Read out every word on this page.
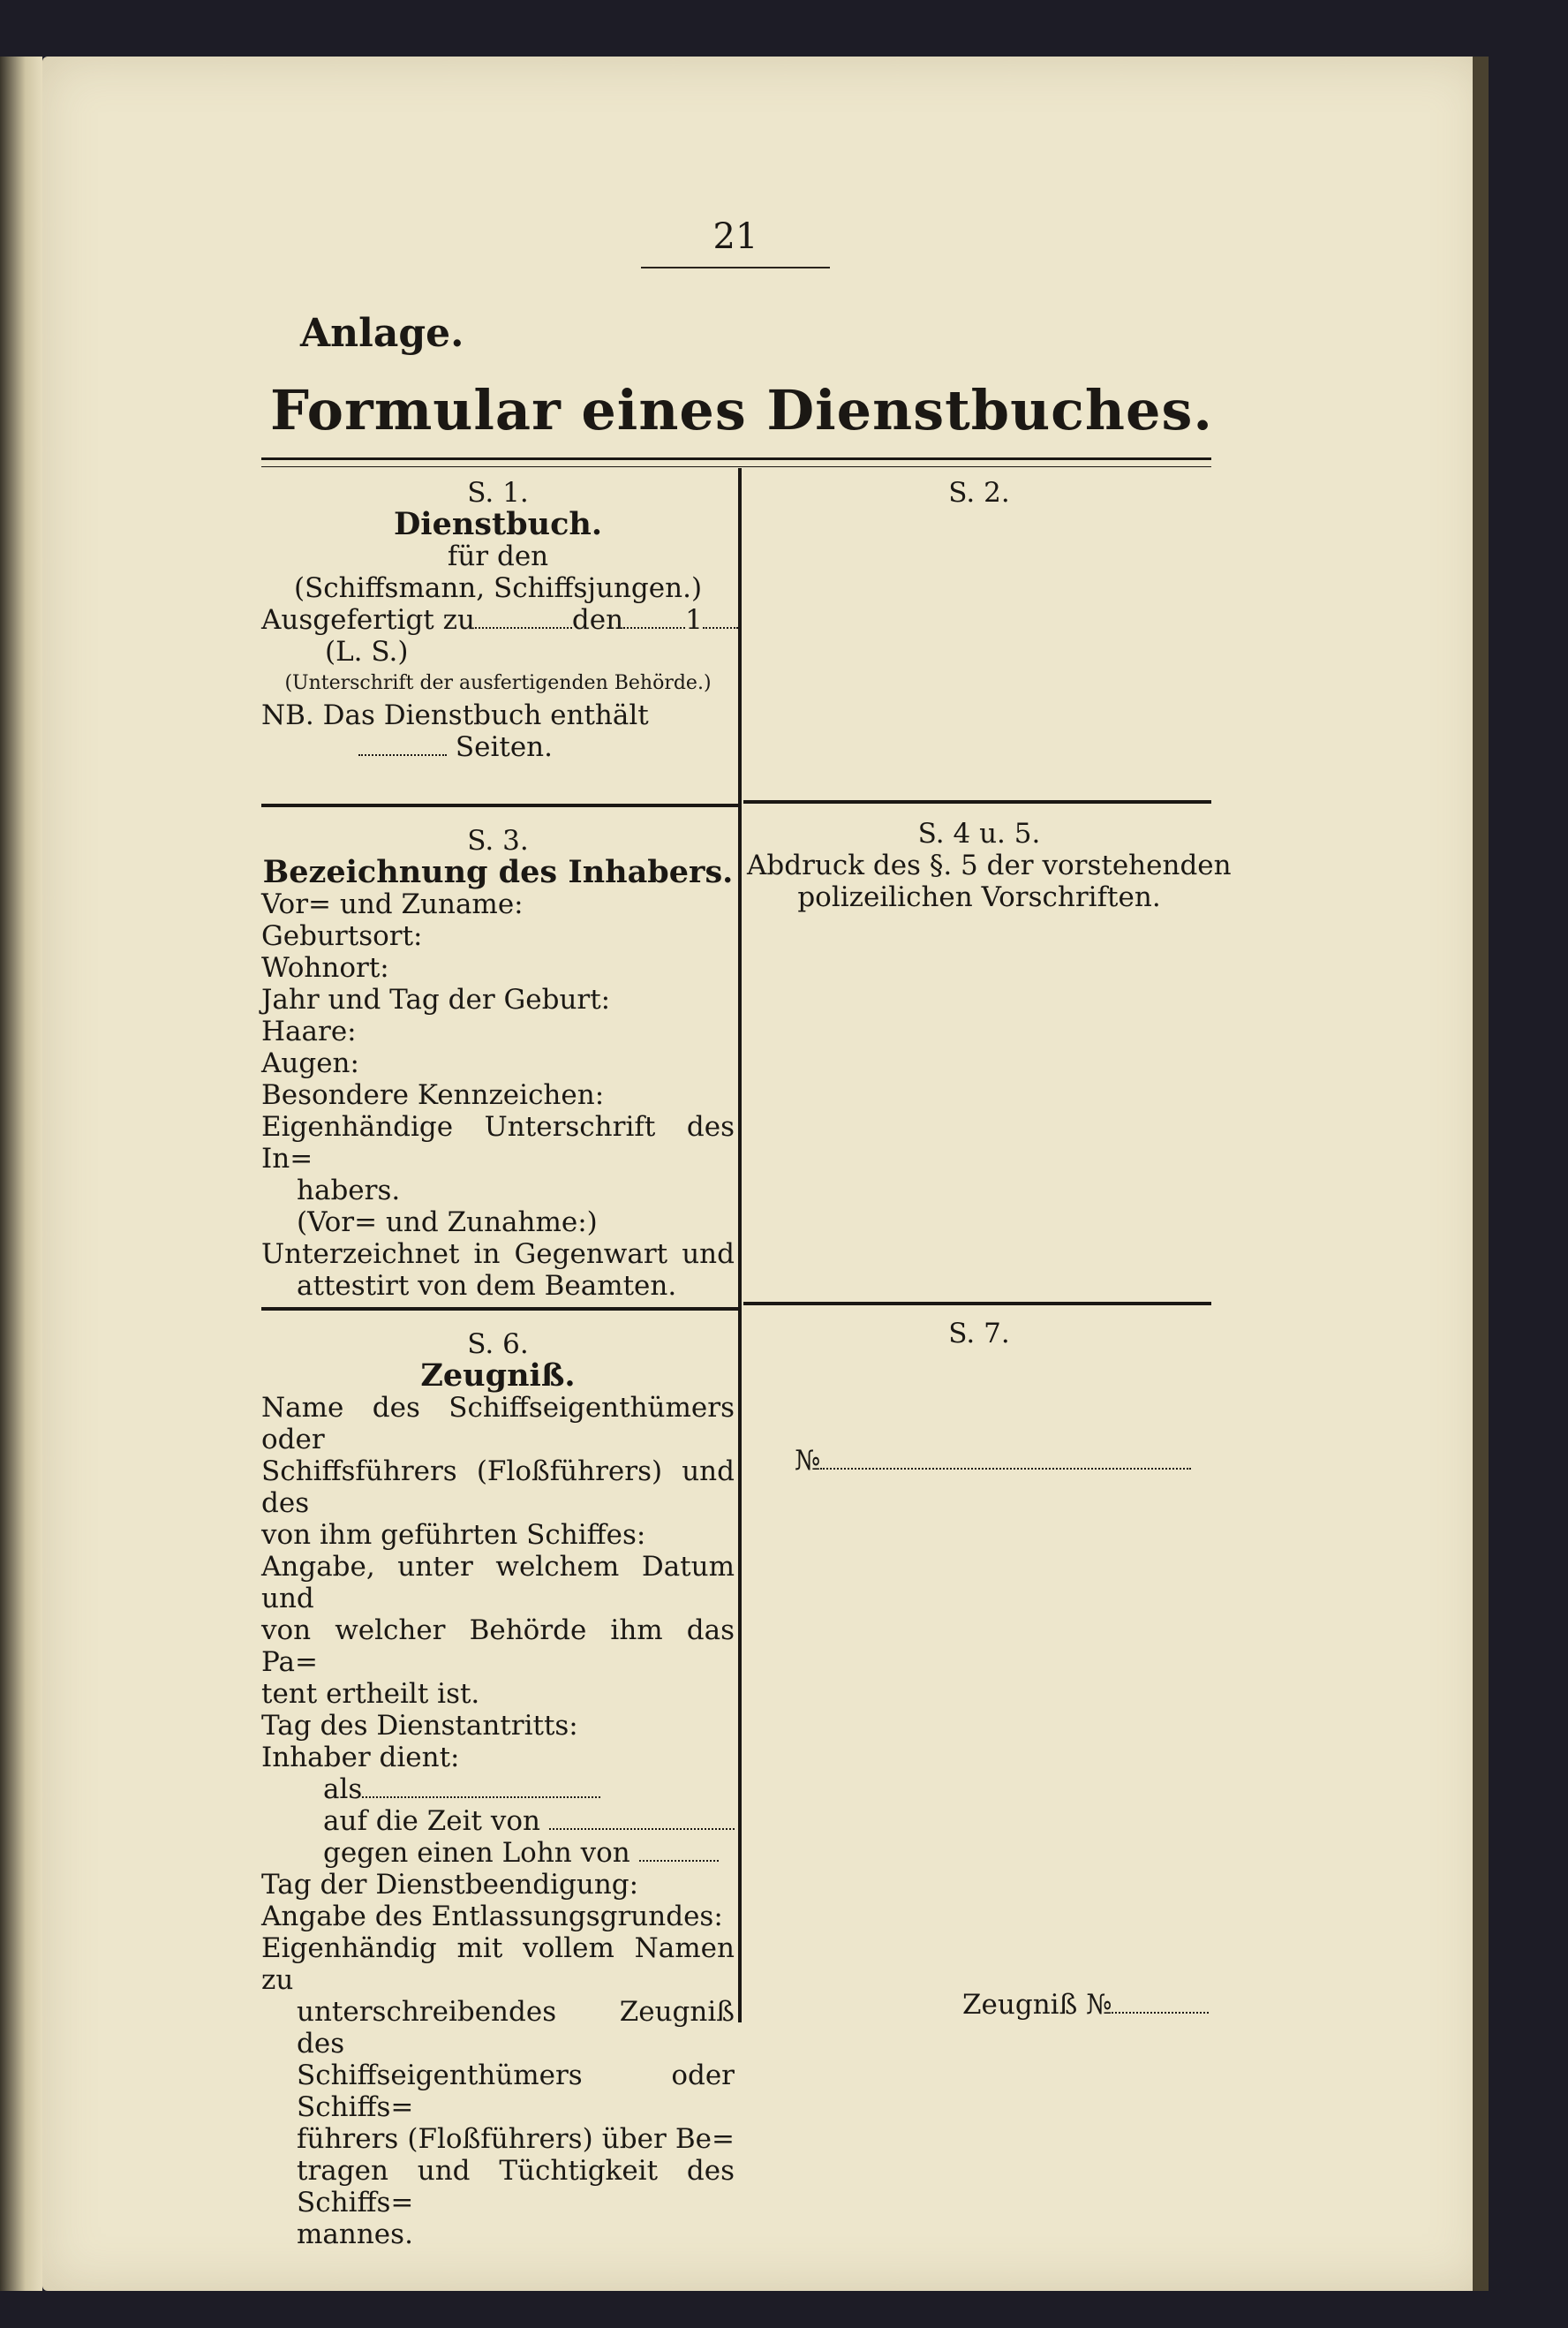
21
Anlage.
Formular eines Dienstbuches.
S. 1.
Dienstbuch.
für den
(Schiffsmann, Schiffsjungen.)
Ausgefertigt zu	den 1
(L. S.)
(Unterschrift der ausfertigenden Behörde.)
NB. Das Dienstbuch enthält
Seiten.
S. 2.
S. 3.
Bezeichnung des Inhabers.
Vor= und Zuname:
Geburtsort:
Wohnort:
Jahr und Tag der Geburt:
Haare:
Augen:
Besondere Kennzeichen:
Eigenhändige Unterschrift des In=
habers.
(Vor= und Zunahme:)
Unterzeichnet in Gegenwart und
attestirt von dem Beamten.
S. 4 u. 5.
Abdruck des §. 5 der vorstehenden
polizeilichen Vorschriften.
S. 6.
Zeugniß.
Name des Schiffseigenthümers oder
Schiffsführers (Floßführers) und des
von ihm geführten Schiffes:
Angabe, unter welchem Datum und
von welcher Behörde ihm das Pa=
tent ertheilt ist.
Tag des Dienstantritts:
Inhaber dient:
als
auf die Zeit von
gegen einen Lohn von
Tag der Dienstbeendigung:
Angabe des Entlassungsgrundes:
Eigenhändig mit vollem Namen zu
unterschreibendes Zeugniß des
Schiffseigenthümers oder Schiffs=
führers (Floßführers) über Be=
tragen und Tüchtigkeit des Schiffs=
mannes.
S. 7.
№
Zeugniß №
